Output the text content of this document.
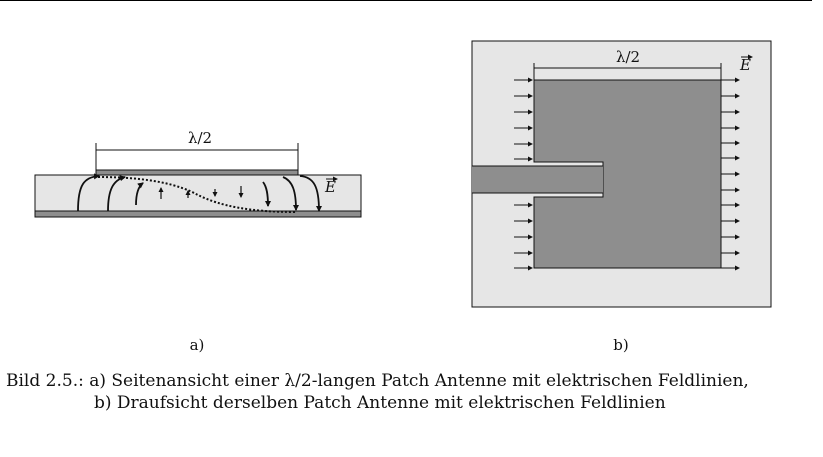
λ/2
E
a)
λ/2	E
b)
Bild 2.5.: a) Seitenansicht einer λ/2-langen Patch Antenne mit elektrischen Feldlinien,
b) Draufsicht derselben Patch Antenne mit elektrischen Feldlinien
